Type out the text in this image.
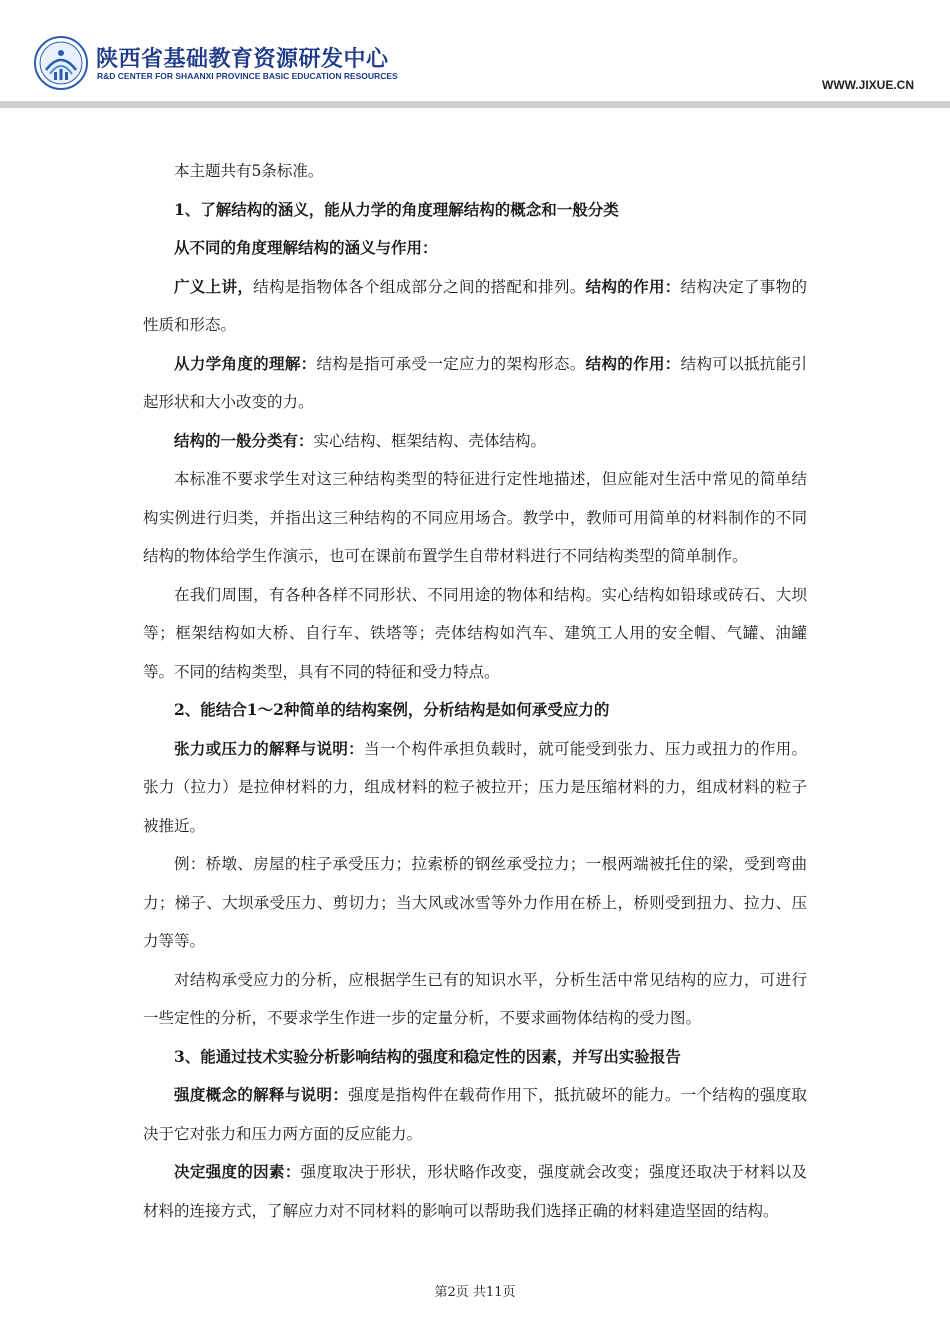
陕西省基础教育资源研发中心
R&D CENTER FOR SHAANXI PROVINCE BASIC EDUCATION RESOURCES
WWW.JIXUE.CN

本主题共有5条标准。

1、了解结构的涵义，能从力学的角度理解结构的概念和一般分类

从不同的角度理解结构的涵义与作用：

广义上讲，结构是指物体各个组成部分之间的搭配和排列。结构的作用：结构决定了事物的性质和形态。

从力学角度的理解：结构是指可承受一定应力的架构形态。结构的作用：结构可以抵抗能引起形状和大小改变的力。

结构的一般分类有：实心结构、框架结构、壳体结构。

本标准不要求学生对这三种结构类型的特征进行定性地描述，但应能对生活中常见的简单结构实例进行归类，并指出这三种结构的不同应用场合。教学中，教师可用简单的材料制作的不同结构的物体给学生作演示，也可在课前布置学生自带材料进行不同结构类型的简单制作。

在我们周围，有各种各样不同形状、不同用途的物体和结构。实心结构如铅球或砖石、大坝等；框架结构如大桥、自行车、铁塔等；壳体结构如汽车、建筑工人用的安全帽、气罐、油罐等。不同的结构类型，具有不同的特征和受力特点。

2、能结合1～2种简单的结构案例，分析结构是如何承受应力的

张力或压力的解释与说明：当一个构件承担负载时，就可能受到张力、压力或扭力的作用。张力（拉力）是拉伸材料的力，组成材料的粒子被拉开；压力是压缩材料的力，组成材料的粒子被推近。

例：桥墩、房屋的柱子承受压力；拉索桥的钢丝承受拉力；一根两端被托住的梁，受到弯曲力；梯子、大坝承受压力、剪切力；当大风或冰雪等外力作用在桥上，桥则受到扭力、拉力、压力等等。

对结构承受应力的分析，应根据学生已有的知识水平，分析生活中常见结构的应力，可进行一些定性的分析，不要求学生作进一步的定量分析，不要求画物体结构的受力图。

3、能通过技术实验分析影响结构的强度和稳定性的因素，并写出实验报告

强度概念的解释与说明：强度是指构件在载荷作用下，抵抗破坏的能力。一个结构的强度取决于它对张力和压力两方面的反应能力。

决定强度的因素：强度取决于形状，形状略作改变，强度就会改变；强度还取决于材料以及材料的连接方式，了解应力对不同材料的影响可以帮助我们选择正确的材料建造坚固的结构。

第2页 共11页
